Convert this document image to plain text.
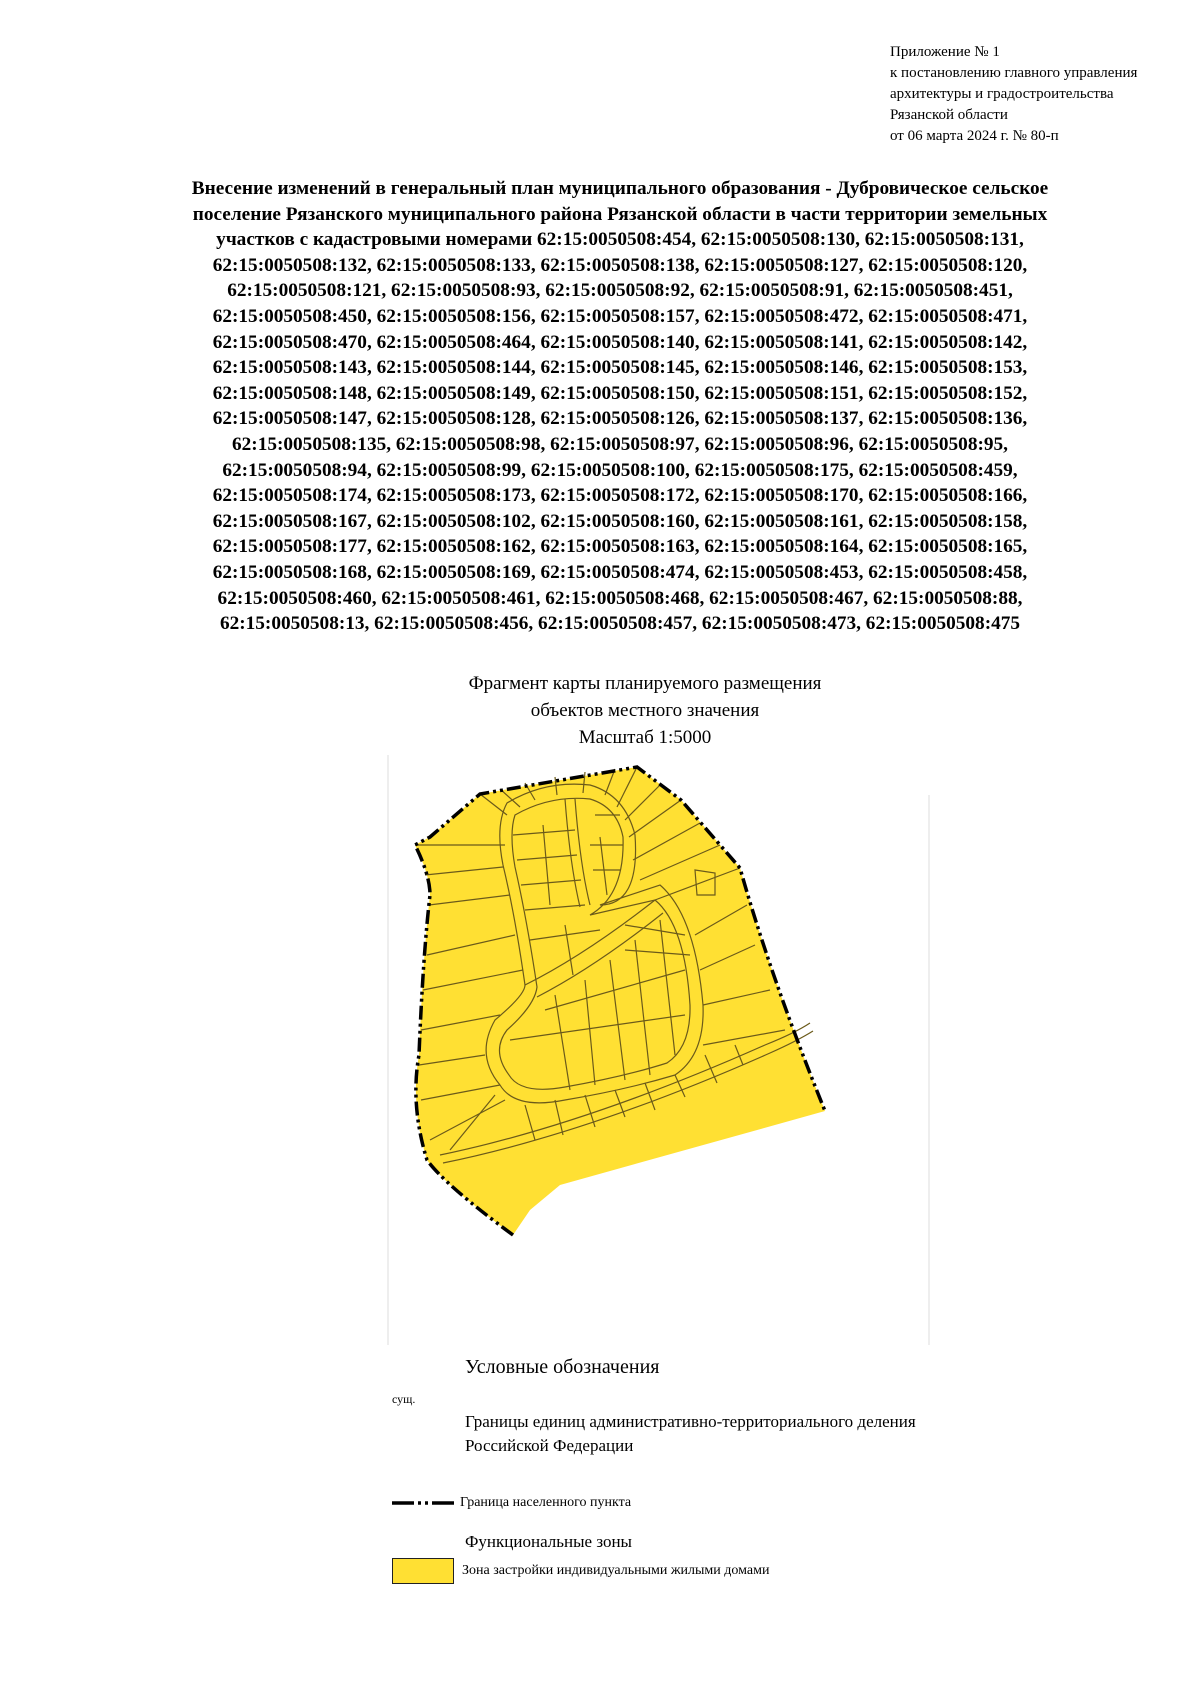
Приложение № 1
к постановлению главного управления
архитектуры и градостроительства
Рязанской области
от 06 марта 2024 г. № 80-п
Внесение изменений в генеральный план муниципального образования - Дубровическое сельское
поселение Рязанского муниципального района Рязанской области в части территории земельных
участков с кадастровыми номерами 62:15:0050508:454, 62:15:0050508:130, 62:15:0050508:131,
62:15:0050508:132, 62:15:0050508:133, 62:15:0050508:138, 62:15:0050508:127, 62:15:0050508:120,
62:15:0050508:121, 62:15:0050508:93, 62:15:0050508:92, 62:15:0050508:91, 62:15:0050508:451,
62:15:0050508:450, 62:15:0050508:156, 62:15:0050508:157, 62:15:0050508:472, 62:15:0050508:471,
62:15:0050508:470, 62:15:0050508:464, 62:15:0050508:140, 62:15:0050508:141, 62:15:0050508:142,
62:15:0050508:143, 62:15:0050508:144, 62:15:0050508:145, 62:15:0050508:146, 62:15:0050508:153,
62:15:0050508:148, 62:15:0050508:149, 62:15:0050508:150, 62:15:0050508:151, 62:15:0050508:152,
62:15:0050508:147, 62:15:0050508:128, 62:15:0050508:126, 62:15:0050508:137, 62:15:0050508:136,
62:15:0050508:135, 62:15:0050508:98, 62:15:0050508:97, 62:15:0050508:96, 62:15:0050508:95,
62:15:0050508:94, 62:15:0050508:99, 62:15:0050508:100, 62:15:0050508:175, 62:15:0050508:459,
62:15:0050508:174, 62:15:0050508:173, 62:15:0050508:172, 62:15:0050508:170, 62:15:0050508:166,
62:15:0050508:167, 62:15:0050508:102, 62:15:0050508:160, 62:15:0050508:161, 62:15:0050508:158,
62:15:0050508:177, 62:15:0050508:162, 62:15:0050508:163, 62:15:0050508:164, 62:15:0050508:165,
62:15:0050508:168, 62:15:0050508:169, 62:15:0050508:474, 62:15:0050508:453, 62:15:0050508:458,
62:15:0050508:460, 62:15:0050508:461, 62:15:0050508:468, 62:15:0050508:467, 62:15:0050508:88,
62:15:0050508:13, 62:15:0050508:456, 62:15:0050508:457, 62:15:0050508:473, 62:15:0050508:475
Фрагмент карты планируемого размещения
объектов местного значения
Масштаб 1:5000
Условные обозначения
сущ.
Границы единиц административно-территориального деления Российской Федерации
Граница населенного пункта
Функциональные зоны
Зона застройки индивидуальными жилыми домами
